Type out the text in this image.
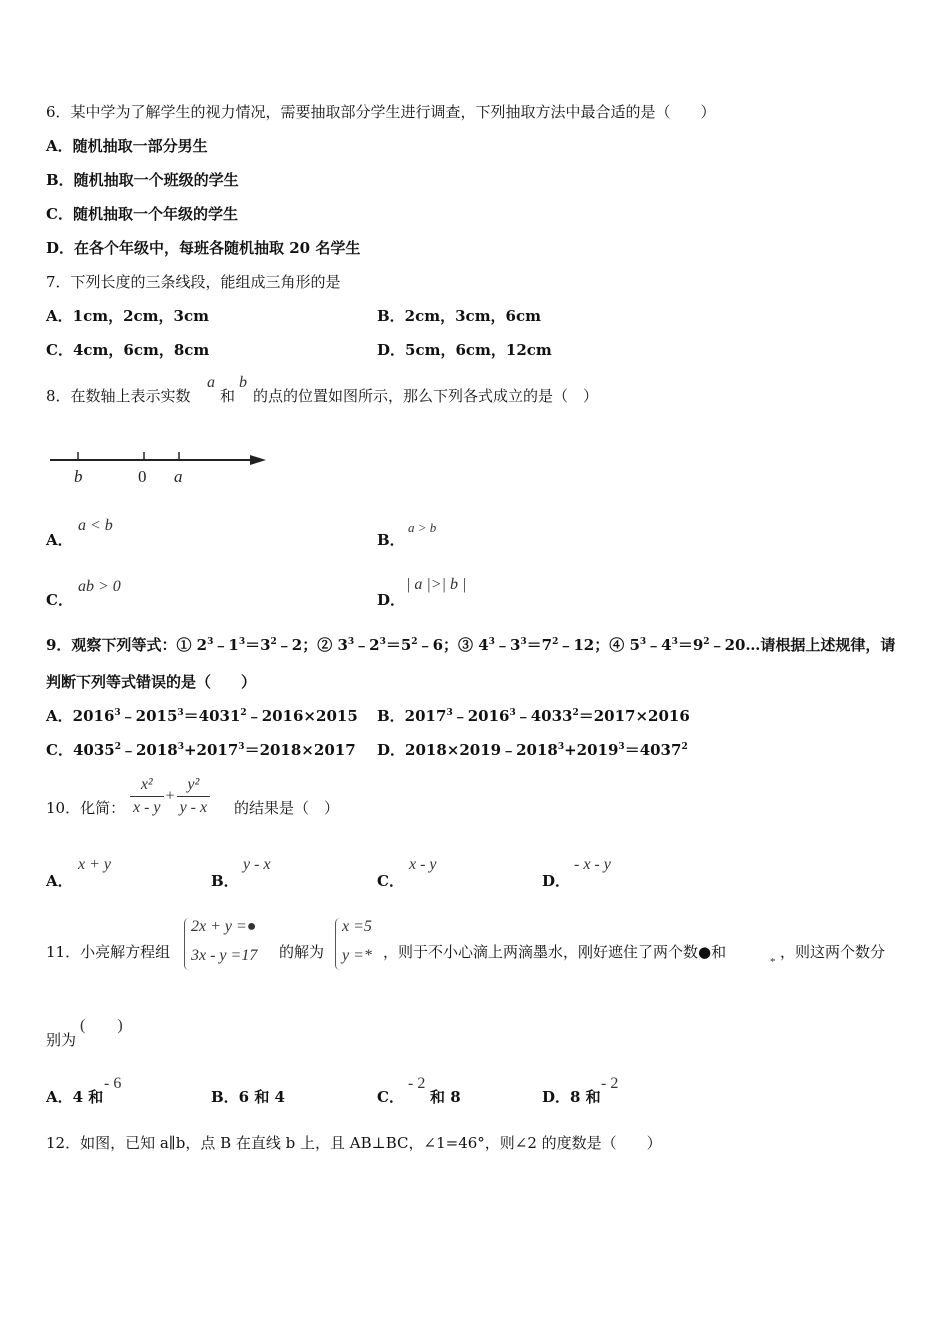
6．某中学为了解学生的视力情况，需要抽取部分学生进行调查，下列抽取方法中最合适的是（　　）
A．随机抽取一部分男生
B．随机抽取一个班级的学生
C．随机抽取一个年级的学生
D．在各个年级中，每班各随机抽取 20 名学生
7．下列长度的三条线段，能组成三角形的是
A．1cm，2cm，3cm	B．2cm，3cm，6cm
C．4cm，6cm，8cm	D．5cm，6cm，12cm
8．在数轴上表示实数
a
和
b
的点的位置如图所示，那么下列各式成立的是（　）
b	0 a
A．
a < b
B．
a > b
C．
ab > 0
D．
| a |>| b |
9．观察下列等式：① $2^3﹣1^3=3^2﹣2$；② $3^3﹣2^3=5^2﹣6$；③ $4^3﹣3^3=7^2﹣12$；④ $5^3﹣4^3=9^2﹣20\dots$请根据上述规律，请
判断下列等式错误的是（　　）
A．$2016^3﹣2015^3=4031^2﹣2016\times 2015$ B．$2017^3﹣2016^3﹣4033^2=2017\times 2016$
C．$4035^2﹣2018^3+2017^3=2018\times 2017$ D．$2018\times 2019﹣2018^3+2019^3=4037^2$
10．化简： $\frac{\text{x²}}{x - y} + \frac{\text{y²}}{y - x}$ 的结果是（　）
A．
x + y
B．
y - x
C．
x - y
D．
- x - y
11．小亮解方程组
2x + y =●
3x - y =17 的解为
x =5
y =* ，则于不小心滴上两滴墨水，刚好遮住了两个数●和
*
，则这两个数分
别为
(　　)
A．4 和
- 6
B．6 和 4	C．
- 2
和 8	D．8 和
- 2
12．如图，已知 a∥b，点 B 在直线 b 上，且 AB⊥BC，∠1=46°，则∠2 的度数是（　　）
